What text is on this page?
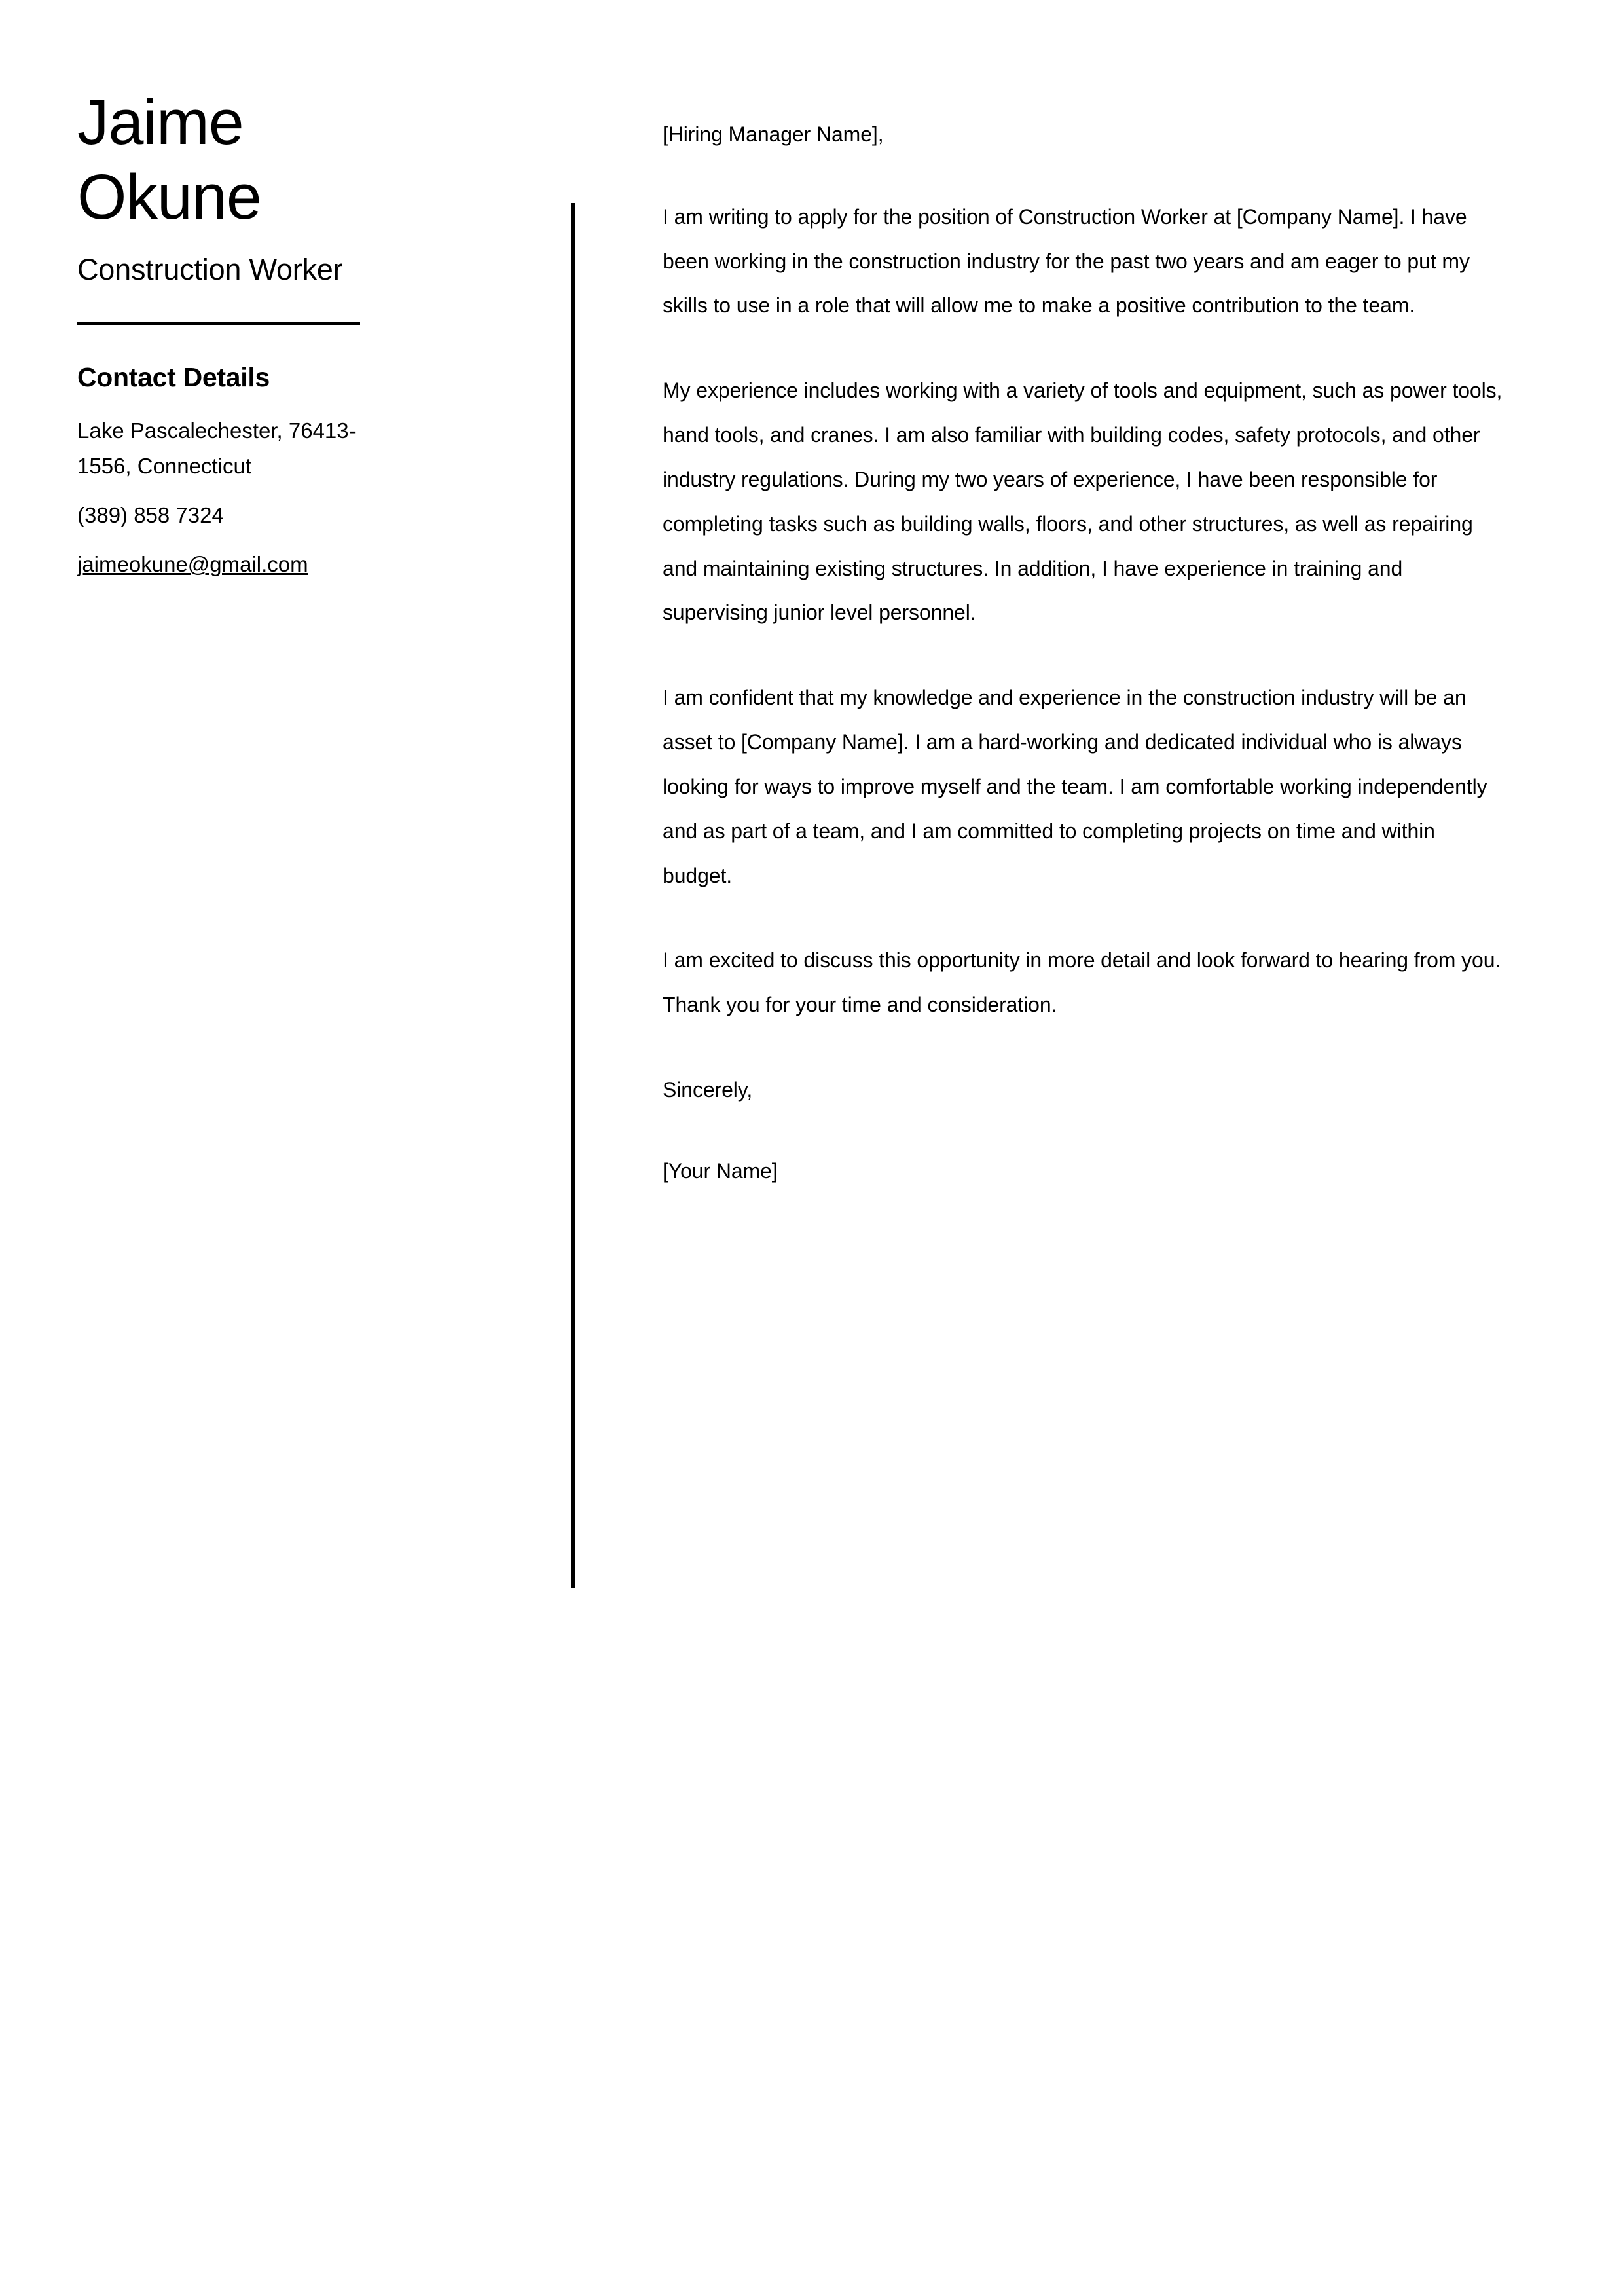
Jaime
Okune
Construction Worker
Contact Details
Lake Pascalechester, 76413-1556, Connecticut
(389) 858 7324
jaimeokune@gmail.com

[Hiring Manager Name],

I am writing to apply for the position of Construction Worker at [Company Name]. I have been working in the construction industry for the past two years and am eager to put my skills to use in a role that will allow me to make a positive contribution to the team.

My experience includes working with a variety of tools and equipment, such as power tools, hand tools, and cranes. I am also familiar with building codes, safety protocols, and other industry regulations. During my two years of experience, I have been responsible for completing tasks such as building walls, floors, and other structures, as well as repairing and maintaining existing structures. In addition, I have experience in training and supervising junior level personnel.

I am confident that my knowledge and experience in the construction industry will be an asset to [Company Name]. I am a hard-working and dedicated individual who is always looking for ways to improve myself and the team. I am comfortable working independently and as part of a team, and I am committed to completing projects on time and within budget.

I am excited to discuss this opportunity in more detail and look forward to hearing from you. Thank you for your time and consideration.

Sincerely,

[Your Name]
